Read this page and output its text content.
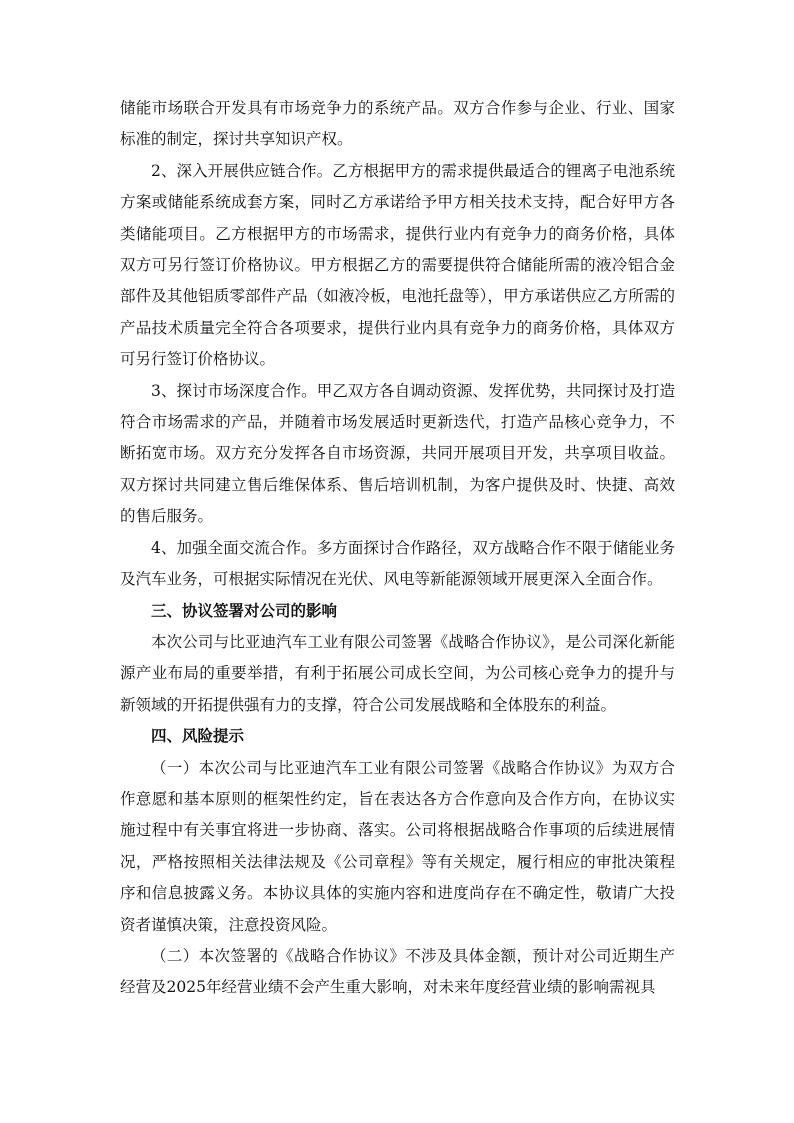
储能市场联合开发具有市场竞争力的系统产品。双方合作参与企业、行业、国家标准的制定，探讨共享知识产权。

2、深入开展供应链合作。乙方根据甲方的需求提供最适合的锂离子电池系统方案或储能系统成套方案，同时乙方承诺给予甲方相关技术支持，配合好甲方各类储能项目。乙方根据甲方的市场需求，提供行业内有竞争力的商务价格，具体双方可另行签订价格协议。甲方根据乙方的需要提供符合储能所需的液冷铝合金部件及其他铝质零部件产品（如液冷板，电池托盘等），甲方承诺供应乙方所需的产品技术质量完全符合各项要求，提供行业内具有竞争力的商务价格，具体双方可另行签订价格协议。

3、探讨市场深度合作。甲乙双方各自调动资源、发挥优势，共同探讨及打造符合市场需求的产品，并随着市场发展适时更新迭代，打造产品核心竞争力，不断拓宽市场。双方充分发挥各自市场资源，共同开展项目开发，共享项目收益。双方探讨共同建立售后维保体系、售后培训机制，为客户提供及时、快捷、高效的售后服务。

4、加强全面交流合作。多方面探讨合作路径，双方战略合作不限于储能业务及汽车业务，可根据实际情况在光伏、风电等新能源领域开展更深入全面合作。

三、协议签署对公司的影响

本次公司与比亚迪汽车工业有限公司签署《战略合作协议》，是公司深化新能源产业布局的重要举措，有利于拓展公司成长空间，为公司核心竞争力的提升与新领域的开拓提供强有力的支撑，符合公司发展战略和全体股东的利益。

四、风险提示

（一）本次公司与比亚迪汽车工业有限公司签署《战略合作协议》为双方合作意愿和基本原则的框架性约定，旨在表达各方合作意向及合作方向，在协议实施过程中有关事宜将进一步协商、落实。公司将根据战略合作事项的后续进展情况，严格按照相关法律法规及《公司章程》等有关规定，履行相应的审批决策程序和信息披露义务。本协议具体的实施内容和进度尚存在不确定性，敬请广大投资者谨慎决策，注意投资风险。

（二）本次签署的《战略合作协议》不涉及具体金额，预计对公司近期生产经营及2025年经营业绩不会产生重大影响，对未来年度经营业绩的影响需视具
